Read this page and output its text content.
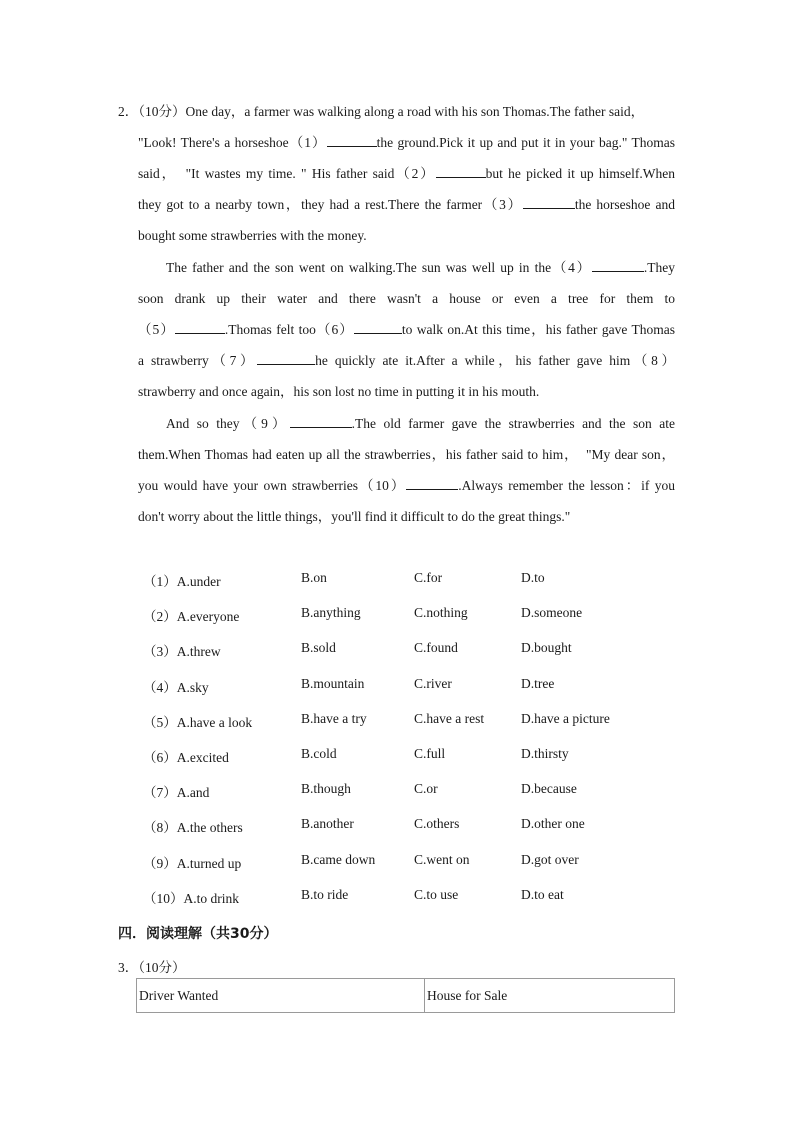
2．（10分）One day，a farmer was walking along a road with his son Thomas.The father said，
"Look! There's a horseshoe（1）	the ground.Pick it up and put it in your bag." Thomas
said，　"It wastes my time. " His father said（2）	but he picked it up himself.When
they got to a nearby town，they had a rest.There the farmer（3）	the horseshoe and
bought some strawberries with the money.
The father and the son went on walking.The sun was well up in the（4）	.They
soon drank up their water and there wasn't a house or even a tree for them to
（5）	.Thomas felt too（6）	to walk on.At this time，his father gave Thomas
a strawberry（7）	he quickly ate it.After a while，his father gave him（8）
strawberry and once again，his son lost no time in putting it in his mouth.
And so they（9）	.The old farmer gave the strawberries and the son ate
them.When Thomas had eaten up all the strawberries，his father said to him，　"My dear son，
you would have your own strawberries（10）	.Always remember the lesson：if you
don't worry about the little things，you'll find it difficult to do the great things."
（1）A.under	B.on	C.for	D.to
（2）A.everyone	B.anything	C.nothing	D.someone
（3）A.threw	B.sold	C.found	D.bought
（4）A.sky	B.mountain	C.river	D.tree
（5）A.have a look	B.have a try	C.have a rest	D.have a picture
（6）A.excited	B.cold	C.full	D.thirsty
（7）A.and	B.though	C.or	D.because
（8）A.the others	B.another	C.others	D.other one
（9）A.turned up	B.came down	C.went on	D.got over
（10）A.to drink	B.to ride	C.to use	D.to eat
四．阅读理解（共30分）
3．（10分）
Driver Wanted	House for Sale
